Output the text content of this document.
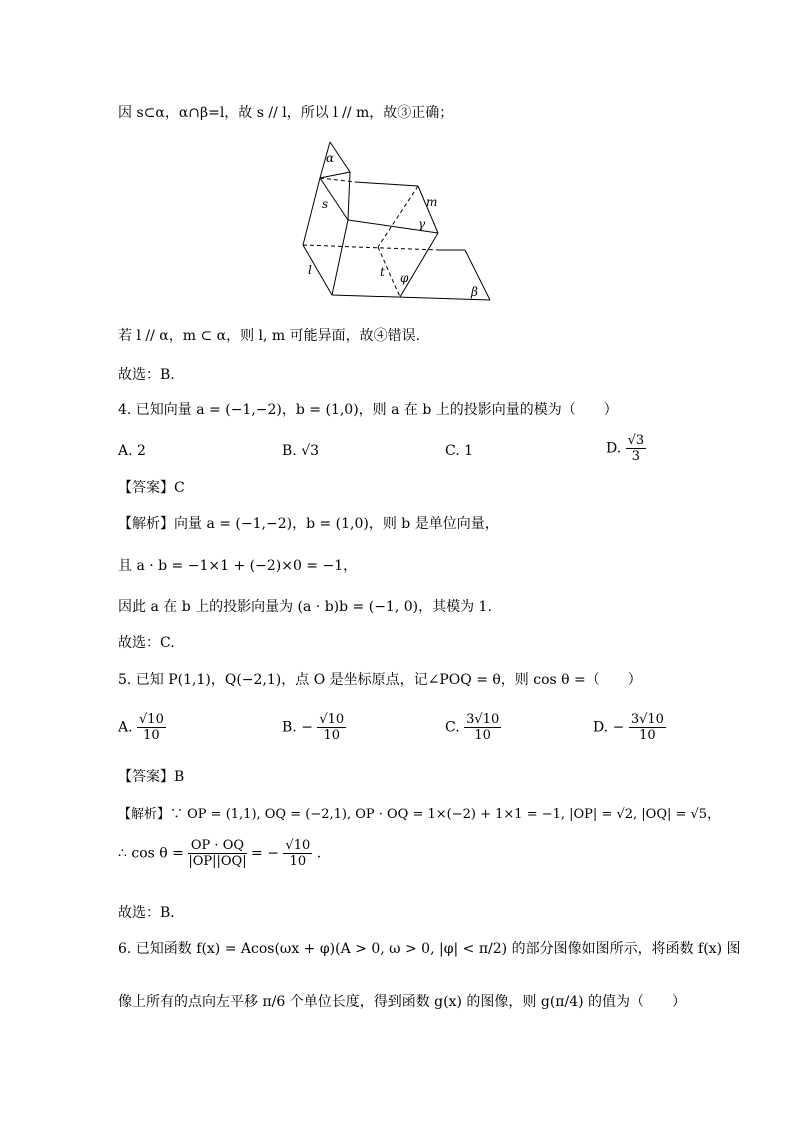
因 s⊂α，α∩β=l，故 s // l，所以 l // m，故③正确；
α
s	m
γ
l	t φ
β
若 l // α，m ⊂ α，则 l, m 可能异面，故④错误.
故选：B.
4. 已知向量 a = (−1,−2)，b = (1,0)，则 a 在 b 上的投影向量的模为（　　）
A. 2	B. √3	C. 1	D. $\frac{√3}{3}$
【答案】C
【解析】向量 a = (−1,−2)，b = (1,0)，则 b 是单位向量，
且 a · b = −1×1 + (−2)×0 = −1，
因此 a 在 b 上的投影向量为 (a · b)b = (−1, 0)，其模为 1.
故选：C.
5. 已知 P(1,1)，Q(−2,1)，点 O 是坐标原点，记∠POQ = θ，则 cos θ =（　　）
A. $\frac{√10}{10}$	B. − $\frac{√10}{10}$	C. $\frac{3√10}{10}$	D. − $\frac{3√10}{10}$
【答案】B
【解析】∵ OP = (1,1), OQ = (−2,1), OP · OQ = 1×(−2) + 1×1 = −1, |OP| = √2, |OQ| = √5，
∴ $\cos \theta = \frac{OP \cdot OQ}{|OP||OQ|}$ = − $\frac{√10}{10}$ .
故选：B．
6. 已知函数 f(x) = Acos(ωx + φ)(A > 0, ω > 0, |φ| < π/2) 的部分图像如图所示，将函数 f(x) 图
像上所有的点向左平移 π/6 个单位长度，得到函数 g(x) 的图像，则 g(π/4) 的值为（　　）
